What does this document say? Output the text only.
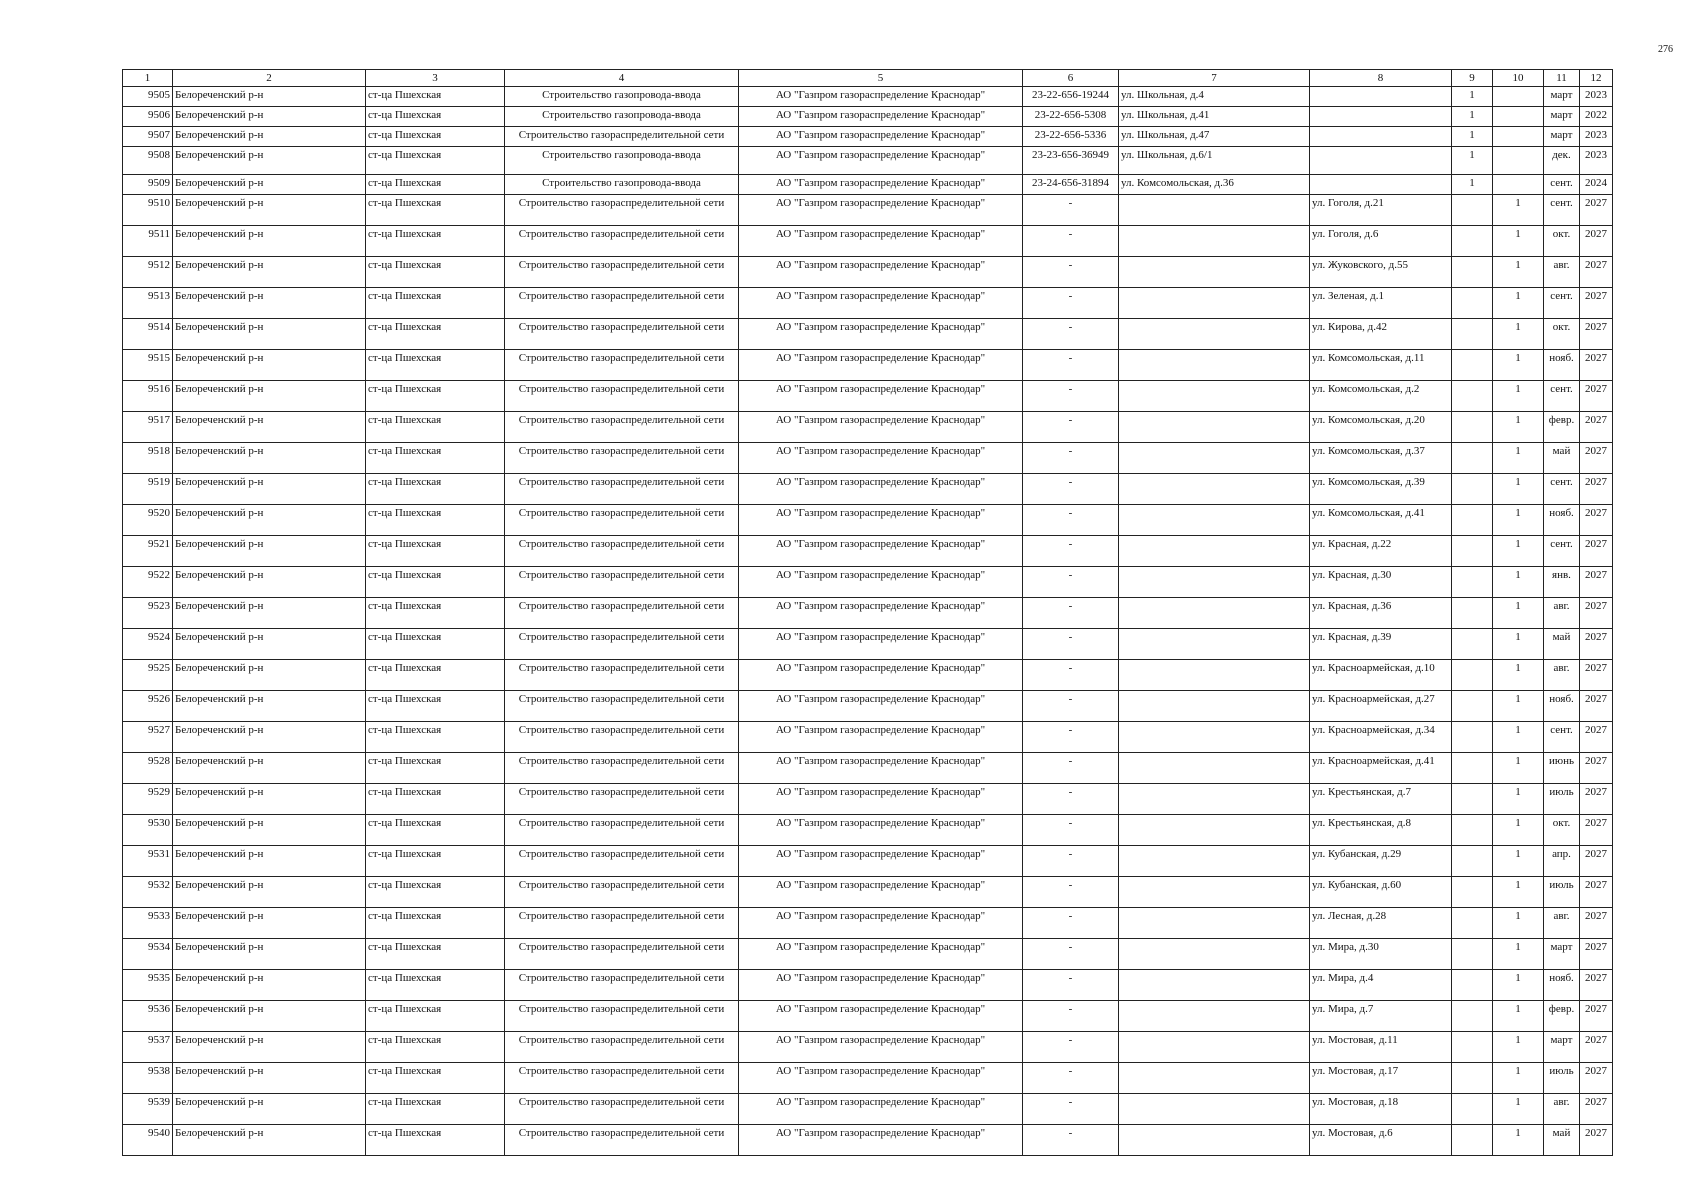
276
1	2	3	4	5	6	7	8	9	10	11	12
9505	Белореченский р-н	ст-ца Пшехская	Строительство газопровода-ввода	АО "Газпром газораспределение Краснодар"	23-22-656-19244	ул. Школьная, д.4		1		март	2023
9506	Белореченский р-н	ст-ца Пшехская	Строительство газопровода-ввода	АО "Газпром газораспределение Краснодар"	23-22-656-5308	ул. Школьная, д.41		1		март	2022
9507	Белореченский р-н	ст-ца Пшехская	Строительство газораспределительной сети	АО "Газпром газораспределение Краснодар"	23-22-656-5336	ул. Школьная, д.47		1		март	2023
9508	Белореченский р-н	ст-ца Пшехская	Строительство газопровода-ввода	АО "Газпром газораспределение Краснодар"	23-23-656-36949	ул. Школьная, д.6/1		1		дек.	2023
9509	Белореченский р-н	ст-ца Пшехская	Строительство газопровода-ввода	АО "Газпром газораспределение Краснодар"	23-24-656-31894	ул. Комсомольская, д.36		1		сент.	2024
9510	Белореченский р-н	ст-ца Пшехская	Строительство газораспределительной сети	АО "Газпром газораспределение Краснодар"	-		ул. Гоголя, д.21		1	сент.	2027
9511	Белореченский р-н	ст-ца Пшехская	Строительство газораспределительной сети	АО "Газпром газораспределение Краснодар"	-		ул. Гоголя, д.6		1	окт.	2027
9512	Белореченский р-н	ст-ца Пшехская	Строительство газораспределительной сети	АО "Газпром газораспределение Краснодар"	-		ул. Жуковского, д.55		1	авг.	2027
9513	Белореченский р-н	ст-ца Пшехская	Строительство газораспределительной сети	АО "Газпром газораспределение Краснодар"	-		ул. Зеленая, д.1		1	сент.	2027
9514	Белореченский р-н	ст-ца Пшехская	Строительство газораспределительной сети	АО "Газпром газораспределение Краснодар"	-		ул. Кирова, д.42		1	окт.	2027
9515	Белореченский р-н	ст-ца Пшехская	Строительство газораспределительной сети	АО "Газпром газораспределение Краснодар"	-		ул. Комсомольская, д.11		1	нояб.	2027
9516	Белореченский р-н	ст-ца Пшехская	Строительство газораспределительной сети	АО "Газпром газораспределение Краснодар"	-		ул. Комсомольская, д.2		1	сент.	2027
9517	Белореченский р-н	ст-ца Пшехская	Строительство газораспределительной сети	АО "Газпром газораспределение Краснодар"	-		ул. Комсомольская, д.20		1	февр.	2027
9518	Белореченский р-н	ст-ца Пшехская	Строительство газораспределительной сети	АО "Газпром газораспределение Краснодар"	-		ул. Комсомольская, д.37		1	май	2027
9519	Белореченский р-н	ст-ца Пшехская	Строительство газораспределительной сети	АО "Газпром газораспределение Краснодар"	-		ул. Комсомольская, д.39		1	сент.	2027
9520	Белореченский р-н	ст-ца Пшехская	Строительство газораспределительной сети	АО "Газпром газораспределение Краснодар"	-		ул. Комсомольская, д.41		1	нояб.	2027
9521	Белореченский р-н	ст-ца Пшехская	Строительство газораспределительной сети	АО "Газпром газораспределение Краснодар"	-		ул. Красная, д.22		1	сент.	2027
9522	Белореченский р-н	ст-ца Пшехская	Строительство газораспределительной сети	АО "Газпром газораспределение Краснодар"	-		ул. Красная, д.30		1	янв.	2027
9523	Белореченский р-н	ст-ца Пшехская	Строительство газораспределительной сети	АО "Газпром газораспределение Краснодар"	-		ул. Красная, д.36		1	авг.	2027
9524	Белореченский р-н	ст-ца Пшехская	Строительство газораспределительной сети	АО "Газпром газораспределение Краснодар"	-		ул. Красная, д.39		1	май	2027
9525	Белореченский р-н	ст-ца Пшехская	Строительство газораспределительной сети	АО "Газпром газораспределение Краснодар"	-		ул. Красноармейская, д.10		1	авг.	2027
9526	Белореченский р-н	ст-ца Пшехская	Строительство газораспределительной сети	АО "Газпром газораспределение Краснодар"	-		ул. Красноармейская, д.27		1	нояб.	2027
9527	Белореченский р-н	ст-ца Пшехская	Строительство газораспределительной сети	АО "Газпром газораспределение Краснодар"	-		ул. Красноармейская, д.34		1	сент.	2027
9528	Белореченский р-н	ст-ца Пшехская	Строительство газораспределительной сети	АО "Газпром газораспределение Краснодар"	-		ул. Красноармейская, д.41		1	июнь	2027
9529	Белореченский р-н	ст-ца Пшехская	Строительство газораспределительной сети	АО "Газпром газораспределение Краснодар"	-		ул. Крестьянская, д.7		1	июль	2027
9530	Белореченский р-н	ст-ца Пшехская	Строительство газораспределительной сети	АО "Газпром газораспределение Краснодар"	-		ул. Крестьянская, д.8		1	окт.	2027
9531	Белореченский р-н	ст-ца Пшехская	Строительство газораспределительной сети	АО "Газпром газораспределение Краснодар"	-		ул. Кубанская, д.29		1	апр.	2027
9532	Белореченский р-н	ст-ца Пшехская	Строительство газораспределительной сети	АО "Газпром газораспределение Краснодар"	-		ул. Кубанская, д.60		1	июль	2027
9533	Белореченский р-н	ст-ца Пшехская	Строительство газораспределительной сети	АО "Газпром газораспределение Краснодар"	-		ул. Лесная, д.28		1	авг.	2027
9534	Белореченский р-н	ст-ца Пшехская	Строительство газораспределительной сети	АО "Газпром газораспределение Краснодар"	-		ул. Мира, д.30		1	март	2027
9535	Белореченский р-н	ст-ца Пшехская	Строительство газораспределительной сети	АО "Газпром газораспределение Краснодар"	-		ул. Мира, д.4		1	нояб.	2027
9536	Белореченский р-н	ст-ца Пшехская	Строительство газораспределительной сети	АО "Газпром газораспределение Краснодар"	-		ул. Мира, д.7		1	февр.	2027
9537	Белореченский р-н	ст-ца Пшехская	Строительство газораспределительной сети	АО "Газпром газораспределение Краснодар"	-		ул. Мостовая, д.11		1	март	2027
9538	Белореченский р-н	ст-ца Пшехская	Строительство газораспределительной сети	АО "Газпром газораспределение Краснодар"	-		ул. Мостовая, д.17		1	июль	2027
9539	Белореченский р-н	ст-ца Пшехская	Строительство газораспределительной сети	АО "Газпром газораспределение Краснодар"	-		ул. Мостовая, д.18		1	авг.	2027
9540	Белореченский р-н	ст-ца Пшехская	Строительство газораспределительной сети	АО "Газпром газораспределение Краснодар"	-		ул. Мостовая, д.6		1	май	2027
